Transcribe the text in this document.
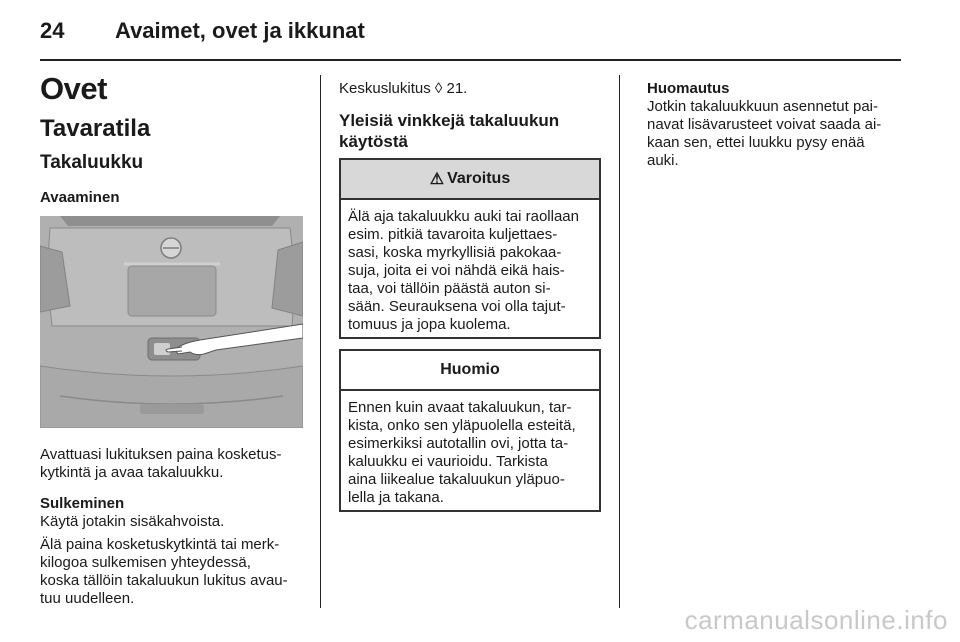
24 Avaimet, ovet ja ikkunat
Ovet
Tavaratila
Takaluukku
Avaaminen
Avattuasi lukituksen paina kosketus-
kytkintä ja avaa takaluukku.
Sulkeminen
Käytä jotakin sisäkahvoista.
Älä paina kosketuskytkintä tai merk-
kilogoa sulkemisen yhteydessä,
koska tällöin takaluukun lukitus avau-
tuu uudelleen.
Keskuslukitus ◊ 21.
Yleisiä vinkkejä takaluukun
käytöstä
⚠ Varoitus
Älä aja takaluukku auki tai raollaan
esim. pitkiä tavaroita kuljettaes-
sasi, koska myrkyllisiä pakokaa-
suja, joita ei voi nähdä eikä hais-
taa, voi tällöin päästä auton si-
sään. Seurauksena voi olla tajut-
tomuus ja jopa kuolema.
Huomio
Ennen kuin avaat takaluukun, tar-
kista, onko sen yläpuolella esteitä,
esimerkiksi autotallin ovi, jotta ta-
kaluukku ei vaurioidu. Tarkista
aina liikealue takaluukun yläpuo-
lella ja takana.
Huomautus
Jotkin takaluukkuun asennetut pai-
navat lisävarusteet voivat saada ai-
kaan sen, ettei luukku pysy enää
auki.
carmanualsonline.info
